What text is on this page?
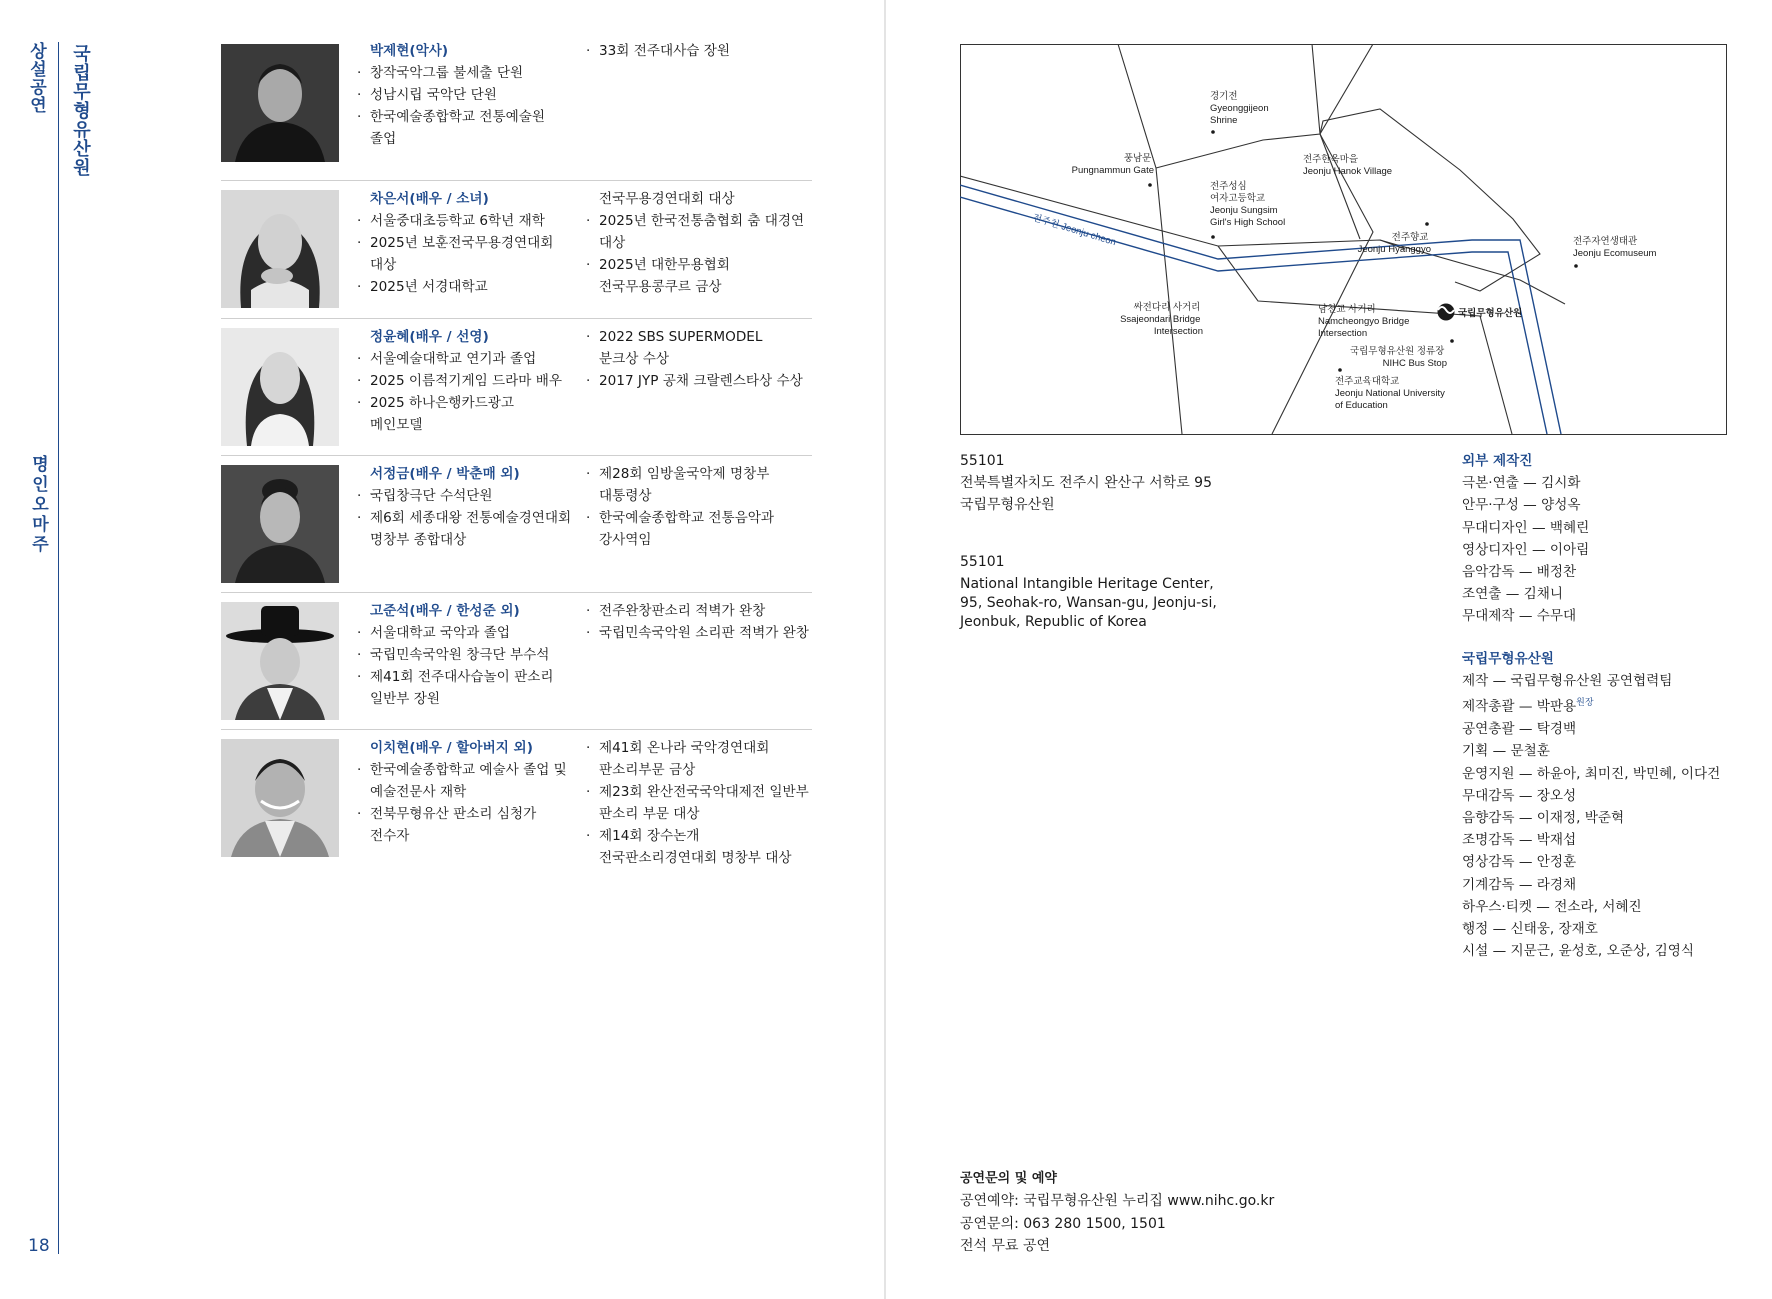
상설공연 국립무형유산원
명인오마주
18
박제현(악사)
· 창작국악그룹 불세출 단원
· 성남시립 국악단 단원
· 한국예술종합학교 전통예술원
졸업
· 33회 전주대사습 장원
차은서(배우 / 소녀)
· 서울중대초등학교 6학년 재학
· 2025년 보훈전국무용경연대회
대상
· 2025년 서경대학교
전국무용경연대회 대상
· 2025년 한국전통춤협회 춤 대경연
대상
· 2025년 대한무용협회
전국무용콩쿠르 금상
정윤혜(배우 / 선영)
· 서울예술대학교 연기과 졸업
· 2025 이름적기게임 드라마 배우
· 2025 하나은행카드광고
메인모델
· 2022 SBS SUPERMODEL
분크상 수상
· 2017 JYP 공채 크랄렌스타상 수상
서정금(배우 / 박춘매 외)
· 국립창극단 수석단원
· 제6회 세종대왕 전통예술경연대회
명창부 종합대상
· 제28회 임방울국악제 명창부
대통령상
· 한국예술종합학교 전통음악과
강사역임
고준석(배우 / 한성준 외)
· 서울대학교 국악과 졸업
· 국립민속국악원 창극단 부수석
· 제41회 전주대사습놀이 판소리
일반부 장원
· 전주완창판소리 적벽가 완창
· 국립민속국악원 소리판 적벽가 완창
이치현(배우 / 할아버지 외)
· 한국예술종합학교 예술사 졸업 및
예술전문사 재학
· 전북무형유산 판소리 심청가
전수자
· 제41회 온나라 국악경연대회
판소리부문 금상
· 제23회 완산전국국악대제전 일반부
판소리 부문 대상
· 제14회 장수논개
전국판소리경연대회 명창부 대상
전주천 Jeonju cheon
경기전 Gyeonggijeon Shrine
풍남문 Pungnammun Gate
전주한옥마을 Jeonju Hanok Village
전주성심 여자고등학교 Jeonju Sungsim Girl's High School
전주향교 Jeonju Hyanggyo
전주자연생태관 Jeonju Ecomuseum
싸전다리 사거리 Ssajeondari Bridge Intersection
남천교 사거리 Namcheongyo Bridge Intersection
국립무형유산원
국립무형유산원 정류장 NIHC Bus Stop
전주교육대학교 Jeonju National University of Education
55101
전북특별자치도 전주시 완산구 서학로 95
국립무형유산원
55101
National Intangible Heritage Center,
95, Seohak-ro, Wansan-gu, Jeonju-si,
Jeonbuk, Republic of Korea
외부 제작진
극본·연출 — 김시화
안무·구성 — 양성옥
무대디자인 — 백혜린
영상디자인 — 이아림
음악감독 — 배정찬
조연출 — 김채니
무대제작 — 수무대
국립무형유산원
제작 — 국립무형유산원 공연협력팀
제작총괄 — 박판용$^{원장}$
공연총괄 — 탁경백
기획 — 문철훈
운영지원 — 하윤아, 최미진, 박민혜, 이다건
무대감독 — 장오성
음향감독 — 이재정, 박준혁
조명감독 — 박재섭
영상감독 — 안정훈
기계감독 — 라경채
하우스·티켓 — 전소라, 서혜진
행정 — 신태웅, 장재호
시설 — 지문근, 윤성호, 오준상, 김영식
공연문의 및 예약
공연예약: 국립무형유산원 누리집 www.nihc.go.kr
공연문의: 063 280 1500, 1501
전석 무료 공연
